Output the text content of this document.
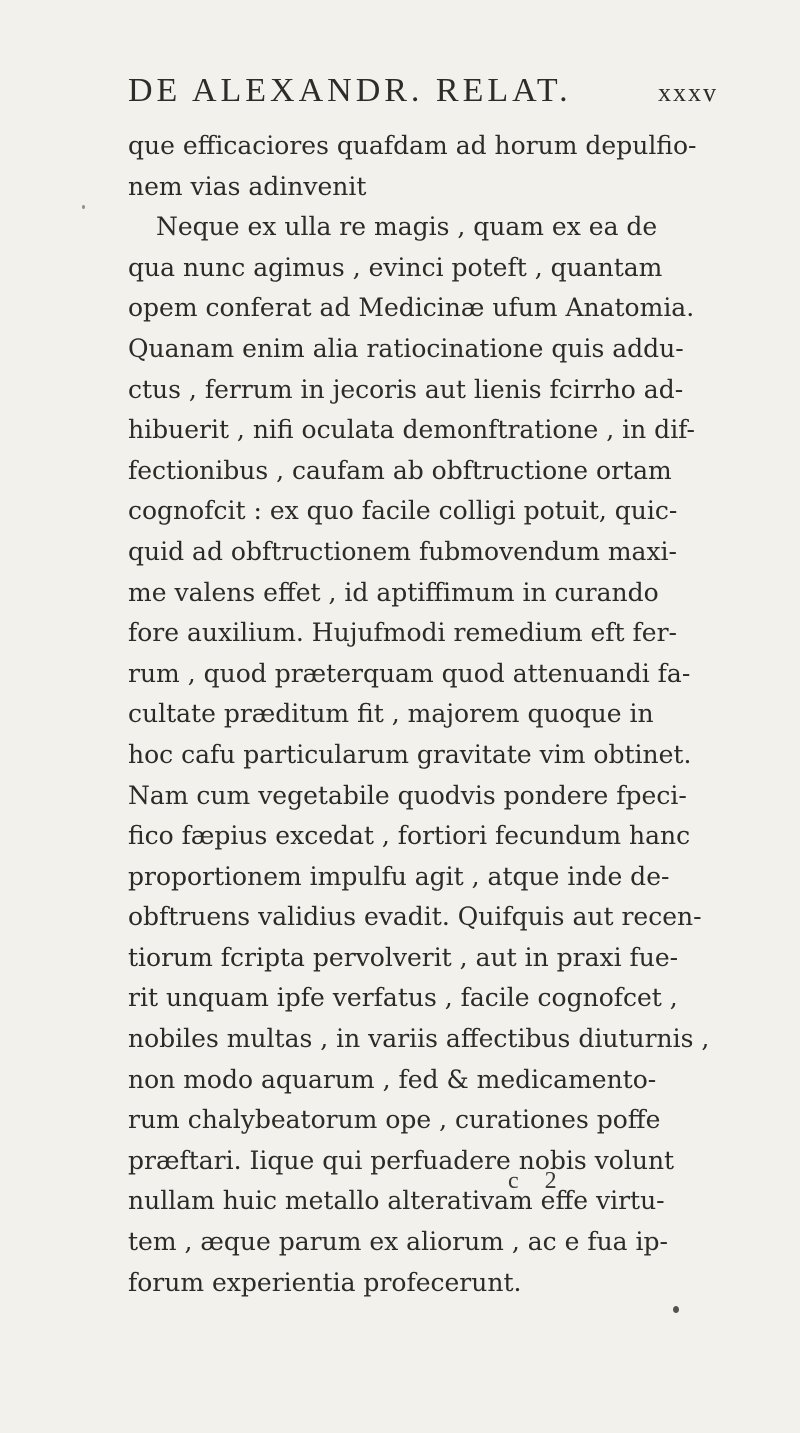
DE ALEXANDR. RELAT.	xxxv
que efficaciores quafdam ad horum depulfio-
nem vias adinvenit
Neque ex ulla re magis , quam ex ea de
qua nunc agimus , evinci poteft , quantam
opem conferat ad Medicinæ ufum Anatomia.
Quanam enim alia ratiocinatione quis addu-
ctus , ferrum in jecoris aut lienis fcirrho ad-
hibuerit , nifi oculata demonftratione , in dif-
fectionibus , caufam ab obftructione ortam
cognofcit : ex quo facile colligi potuit, quic-
quid ad obftructionem fubmovendum maxi-
me valens effet , id aptiffimum in curando
fore auxilium. Hujufmodi remedium eft fer-
rum , quod præterquam quod attenuandi fa-
cultate præditum fit , majorem quoque in
hoc cafu particularum gravitate vim obtinet.
Nam cum vegetabile quodvis pondere fpeci-
fico fæpius excedat , fortiori fecundum hanc
proportionem impulfu agit , atque inde de-
obftruens validius evadit. Quifquis aut recen-
tiorum fcripta pervolverit , aut in praxi fue-
rit unquam ipfe verfatus , facile cognofcet ,
nobiles multas , in variis affectibus diuturnis ,
non modo aquarum , fed & medicamento-
rum chalybeatorum ope , curationes poffe
præftari. Iique qui perfuadere nobis volunt
nullam huic metallo alterativam effe virtu-
tem , æque parum ex aliorum , ac e fua ip-
forum experientia profecerunt.
c 2
